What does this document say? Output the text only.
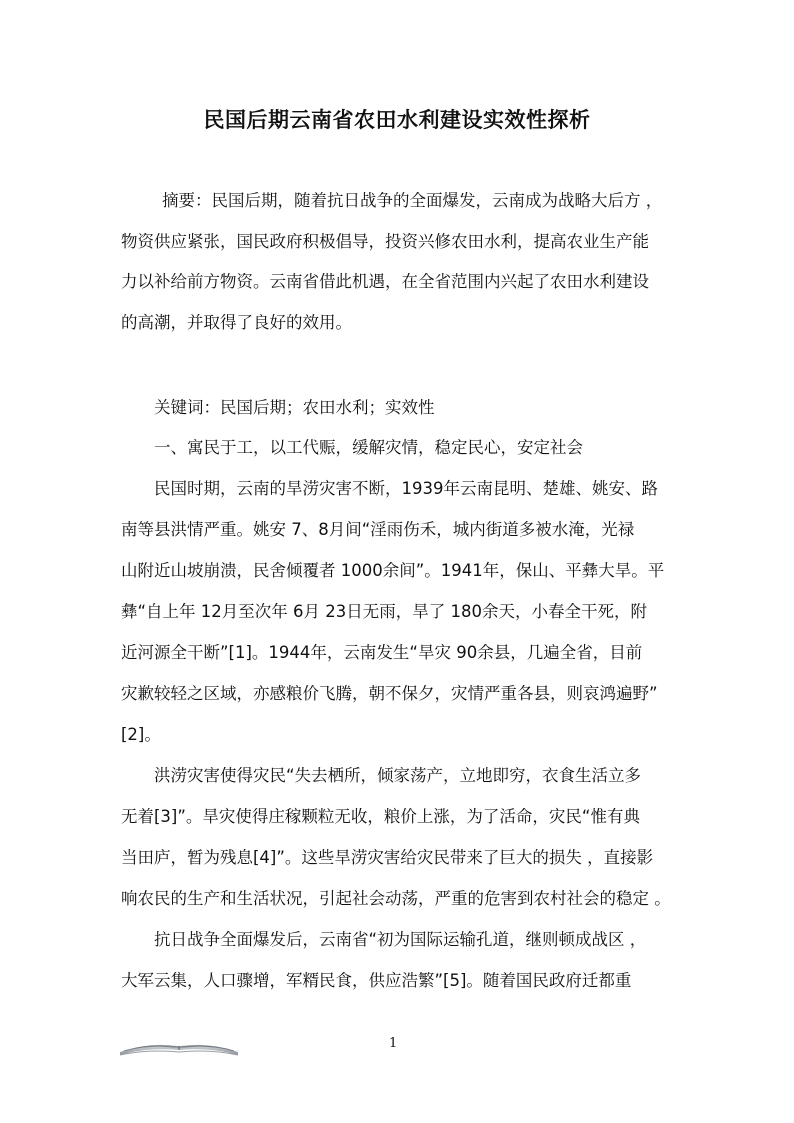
民国后期云南省农田水利建设实效性探析

摘要：民国后期，随着抗日战争的全面爆发，云南成为战略大后方 ，

物资供应紧张，国民政府积极倡导，投资兴修农田水利，提高农业生产能

力以补给前方物资。云南省借此机遇，在全省范围内兴起了农田水利建设

的高潮，并取得了良好的效用。

关键词：民国后期；农田水利；实效性

一、寓民于工，以工代赈，缓解灾情，稳定民心，安定社会

民国时期，云南的旱涝灾害不断，1939年云南昆明、楚雄、姚安、路

南等县洪情严重。姚安 7、8月间“淫雨伤禾，城内街道多被水淹，光禄

山附近山坡崩溃，民舍倾覆者 1000余间”。1941年，保山、平彝大旱。平

彝“自上年 12月至次年 6月 23日无雨，旱了 180余天，小春全干死，附

近河源全干断”[1]。1944年，云南发生“旱灾 90余县，几遍全省，目前

灾歉较轻之区域，亦感粮价飞腾，朝不保夕，灾情严重各县，则哀鸿遍野”

[2]。

洪涝灾害使得灾民“失去栖所，倾家荡产，立地即穷，衣食生活立多

无着[3]”。旱灾使得庄稼颗粒无收，粮价上涨，为了活命，灾民“惟有典

当田庐，暂为残息[4]”。这些旱涝灾害给灾民带来了巨大的损失 ，直接影

响农民的生产和生活状况，引起社会动荡，严重的危害到农村社会的稳定 。

抗日战争全面爆发后，云南省“初为国际运输孔道，继则顿成战区 ，

大军云集，人口骤增，军糈民食，供应浩繁”[5]。随着国民政府迁都重

1
